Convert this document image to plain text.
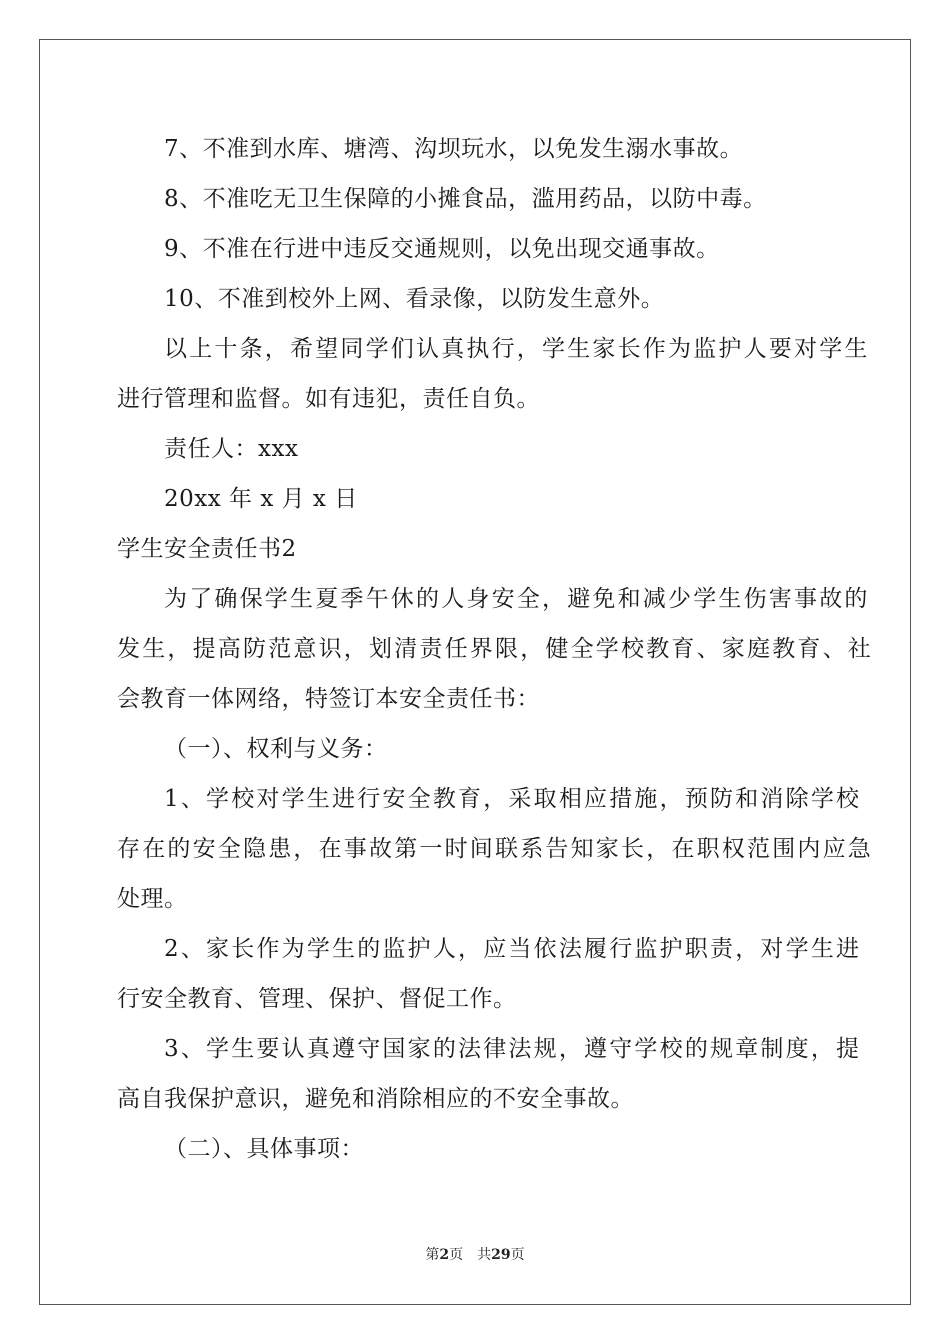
7、不准到水库、塘湾、沟坝玩水，以免发生溺水事故。
8、不准吃无卫生保障的小摊食品，滥用药品，以防中毒。
9、不准在行进中违反交通规则，以免出现交通事故。
10、不准到校外上网、看录像，以防发生意外。
以上十条，希望同学们认真执行，学生家长作为监护人要对学生
进行管理和监督。如有违犯，责任自负。
责任人：xxx
20xx 年 x 月 x 日
学生安全责任书2
为了确保学生夏季午休的人身安全，避免和减少学生伤害事故的
发生，提高防范意识，划清责任界限，健全学校教育、家庭教育、社
会教育一体网络，特签订本安全责任书：
（一）、权利与义务：
1、学校对学生进行安全教育，采取相应措施，预防和消除学校
存在的安全隐患，在事故第一时间联系告知家长，在职权范围内应急
处理。
2、家长作为学生的监护人，应当依法履行监护职责，对学生进
行安全教育、管理、保护、督促工作。
3、学生要认真遵守国家的法律法规，遵守学校的规章制度，提
高自我保护意识，避免和消除相应的不安全事故。
（二）、具体事项：
第2页 共29页
